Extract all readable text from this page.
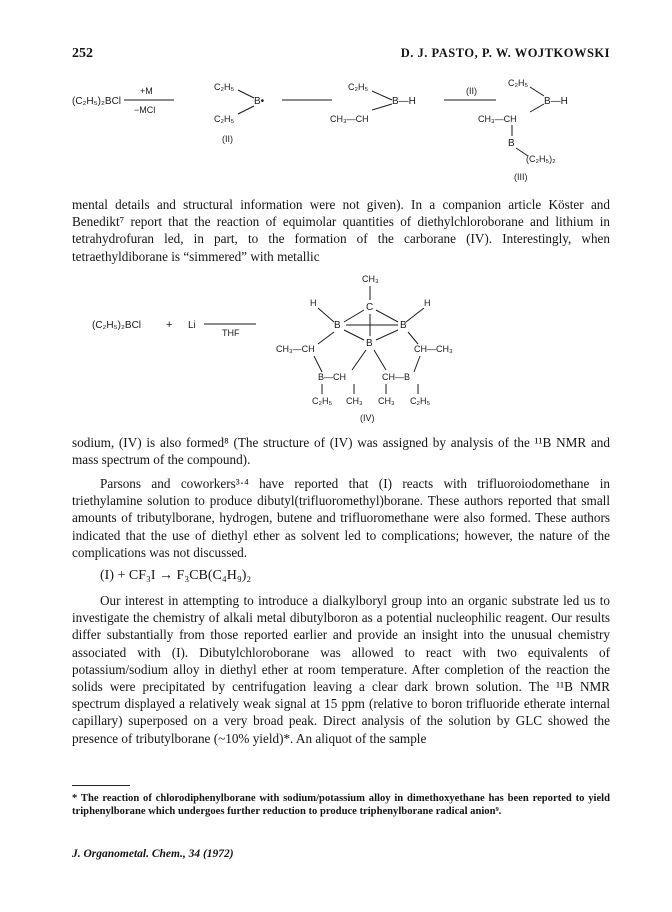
252	D. J. PASTO, P. W. WOJTKOWSKI
(C₂H₅)₂BCl
+M
−MCl
C₂H₅
B•
C₂H₅
(II)
C₂H₅
B—H
CH₃—CH
(II)
C₂H₅
B—H
CH₃—CH
B
(C₂H₅)₂
(III)

mental details and structural information were not given). In a companion article Köster and Benedikt⁷ report that the reaction of equimolar quantities of diethylchloroborane and lithium in tetrahydrofuran led, in part, to the formation of the carborane (IV). Interestingly, when tetraethyldiborane is “simmered” with metallic

(C₂H₅)₂BCl + Li
THF
CH₃
C
H	H
B	B
B
CH₃—CH	CH—CH₃
B—CH	CH—B
C₂H₅ CH₃ CH₃ C₂H₅
(IV)

sodium, (IV) is also formed⁸ (The structure of (IV) was assigned by analysis of the ¹¹B NMR and mass spectrum of the compound).

Parsons and coworkers³·⁴ have reported that (I) reacts with trifluoroiodomethane in triethylamine solution to produce dibutyl(trifluoromethyl)borane. These authors reported that small amounts of tributylborane, hydrogen, butene and trifluoromethane were also formed. These authors indicated that the use of diethyl ether as solvent led to complications; however, the nature of the complications was not discussed.

(I) + CF₃I → F₃CB(C₄H₉)₂

Our interest in attempting to introduce a dialkylboryl group into an organic substrate led us to investigate the chemistry of alkali metal dibutylboron as a potential nucleophilic reagent. Our results differ substantially from those reported earlier and provide an insight into the unusual chemistry associated with (I). Dibutylchloroborane was allowed to react with two equivalents of potassium/sodium alloy in diethyl ether at room temperature. After completion of the reaction the solids were precipitated by centrifugation leaving a clear dark brown solution. The ¹¹B NMR spectrum displayed a relatively weak signal at 15 ppm (relative to boron trifluoride etherate internal capillary) superposed on a very broad peak. Direct analysis of the solution by GLC showed the presence of tributylborane (~10% yield)*. An aliquot of the sample

* The reaction of chlorodiphenylborane with sodium/potassium alloy in dimethoxyethane has been reported to yield triphenylborane which undergoes further reduction to produce triphenylborane radical anion⁹.
J. Organometal. Chem., 34 (1972)
